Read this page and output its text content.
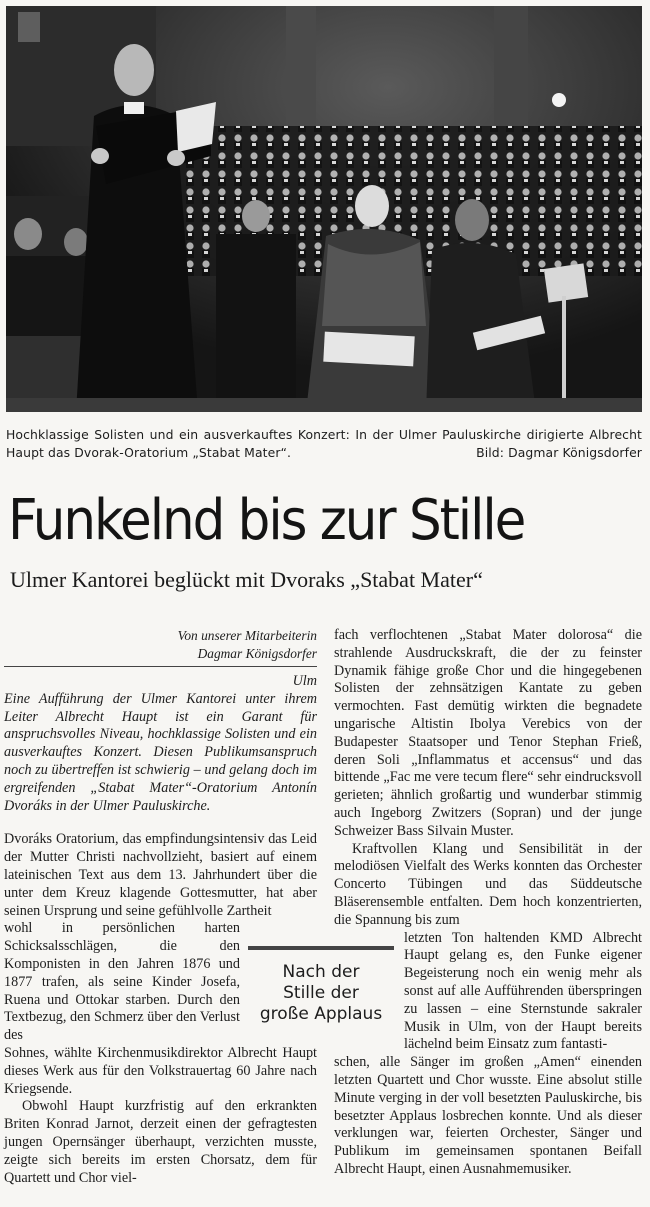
Hochklassige Solisten und ein ausverkauftes Konzert: In der Ulmer Pauluskirche dirigierte Albrecht Haupt das Dvorak-Oratorium „Stabat Mater“.	Bild: Dagmar Königsdorfer
Funkelnd bis zur Stille
Ulmer Kantorei beglückt mit Dvoraks „Stabat Mater“
Von unserer Mitarbeiterin
Dagmar Königsdorfer

Ulm

Eine Aufführung der Ulmer Kantorei unter ihrem Leiter Albrecht Haupt ist ein Garant für anspruchsvolles Niveau, hochklassige Solisten und ein ausverkauftes Konzert. Diesen Publikumsanspruch noch zu übertreffen ist schwierig – und gelang doch im ergreifenden „Stabat Mater“-Oratorium Antonín Dvoráks in der Ulmer Pauluskirche.

Dvoráks Oratorium, das empfindungsintensiv das Leid der Mutter Christi nachvollzieht, basiert auf einem lateinischen Text aus dem 13. Jahrhundert über die unter dem Kreuz klagende Gottesmutter, hat aber seinen Ursprung und seine gefühlvolle Zartheit

wohl in persönlichen harten Schicksalsschlägen, die den Komponisten in den Jahren 1876 und 1877 trafen, als seine Kinder Josefa, Ruena und Ottokar starben. Durch den Textbezug, den Schmerz über den Verlust des

Sohnes, wählte Kirchenmusikdirektor Albrecht Haupt dieses Werk aus für den Volkstrauertag 60 Jahre nach Kriegsende.

Obwohl Haupt kurzfristig auf den erkrankten Briten Konrad Jarnot, derzeit einen der gefragtesten jungen Opernsänger überhaupt, verzichten musste, zeigte sich bereits im ersten Chorsatz, dem für Quartett und Chor viel-

fach verflochtenen „Stabat Mater dolorosa“ die strahlende Ausdruckskraft, die der zu feinster Dynamik fähige große Chor und die hingegebenen Solisten der zehnsätzigen Kantate zu geben vermochten. Fast demütig wirkten die begnadete ungarische Altistin Ibolya Verebics von der Budapester Staatsoper und Tenor Stephan Frieß, deren Soli „Inflammatus et accensus“ und das bittende „Fac me vere tecum flere“ sehr eindrucksvoll gerieten; ähnlich großartig und wunderbar stimmig auch Ingeborg Zwitzers (Sopran) und der junge Schweizer Bass Silvain Muster.

Kraftvollen Klang und Sensibilität in der melodiösen Vielfalt des Werks konnten das Orchester Concerto Tübingen und das Süddeutsche Bläserensemble entfalten. Dem hoch konzentrierten, die Spannung bis zum

letzten Ton haltenden KMD Albrecht Haupt gelang es, den Funke eigener Begeisterung noch ein wenig mehr als sonst auf alle Aufführenden überspringen zu lassen – eine Sternstunde sakraler Musik in Ulm, von der Haupt bereits lächelnd beim Einsatz zum fantasti-

schen, alle Sänger im großen „Amen“ einenden letzten Quartett und Chor wusste. Eine absolut stille Minute verging in der voll besetzten Pauluskirche, bis besetzter Applaus losbrechen konnte. Und als dieser verklungen war, feierten Orchester, Sänger und Publikum im gemeinsamen spontanen Beifall Albrecht Haupt, einen Ausnahmemusiker.

Nach der
Stille der
große Applaus
